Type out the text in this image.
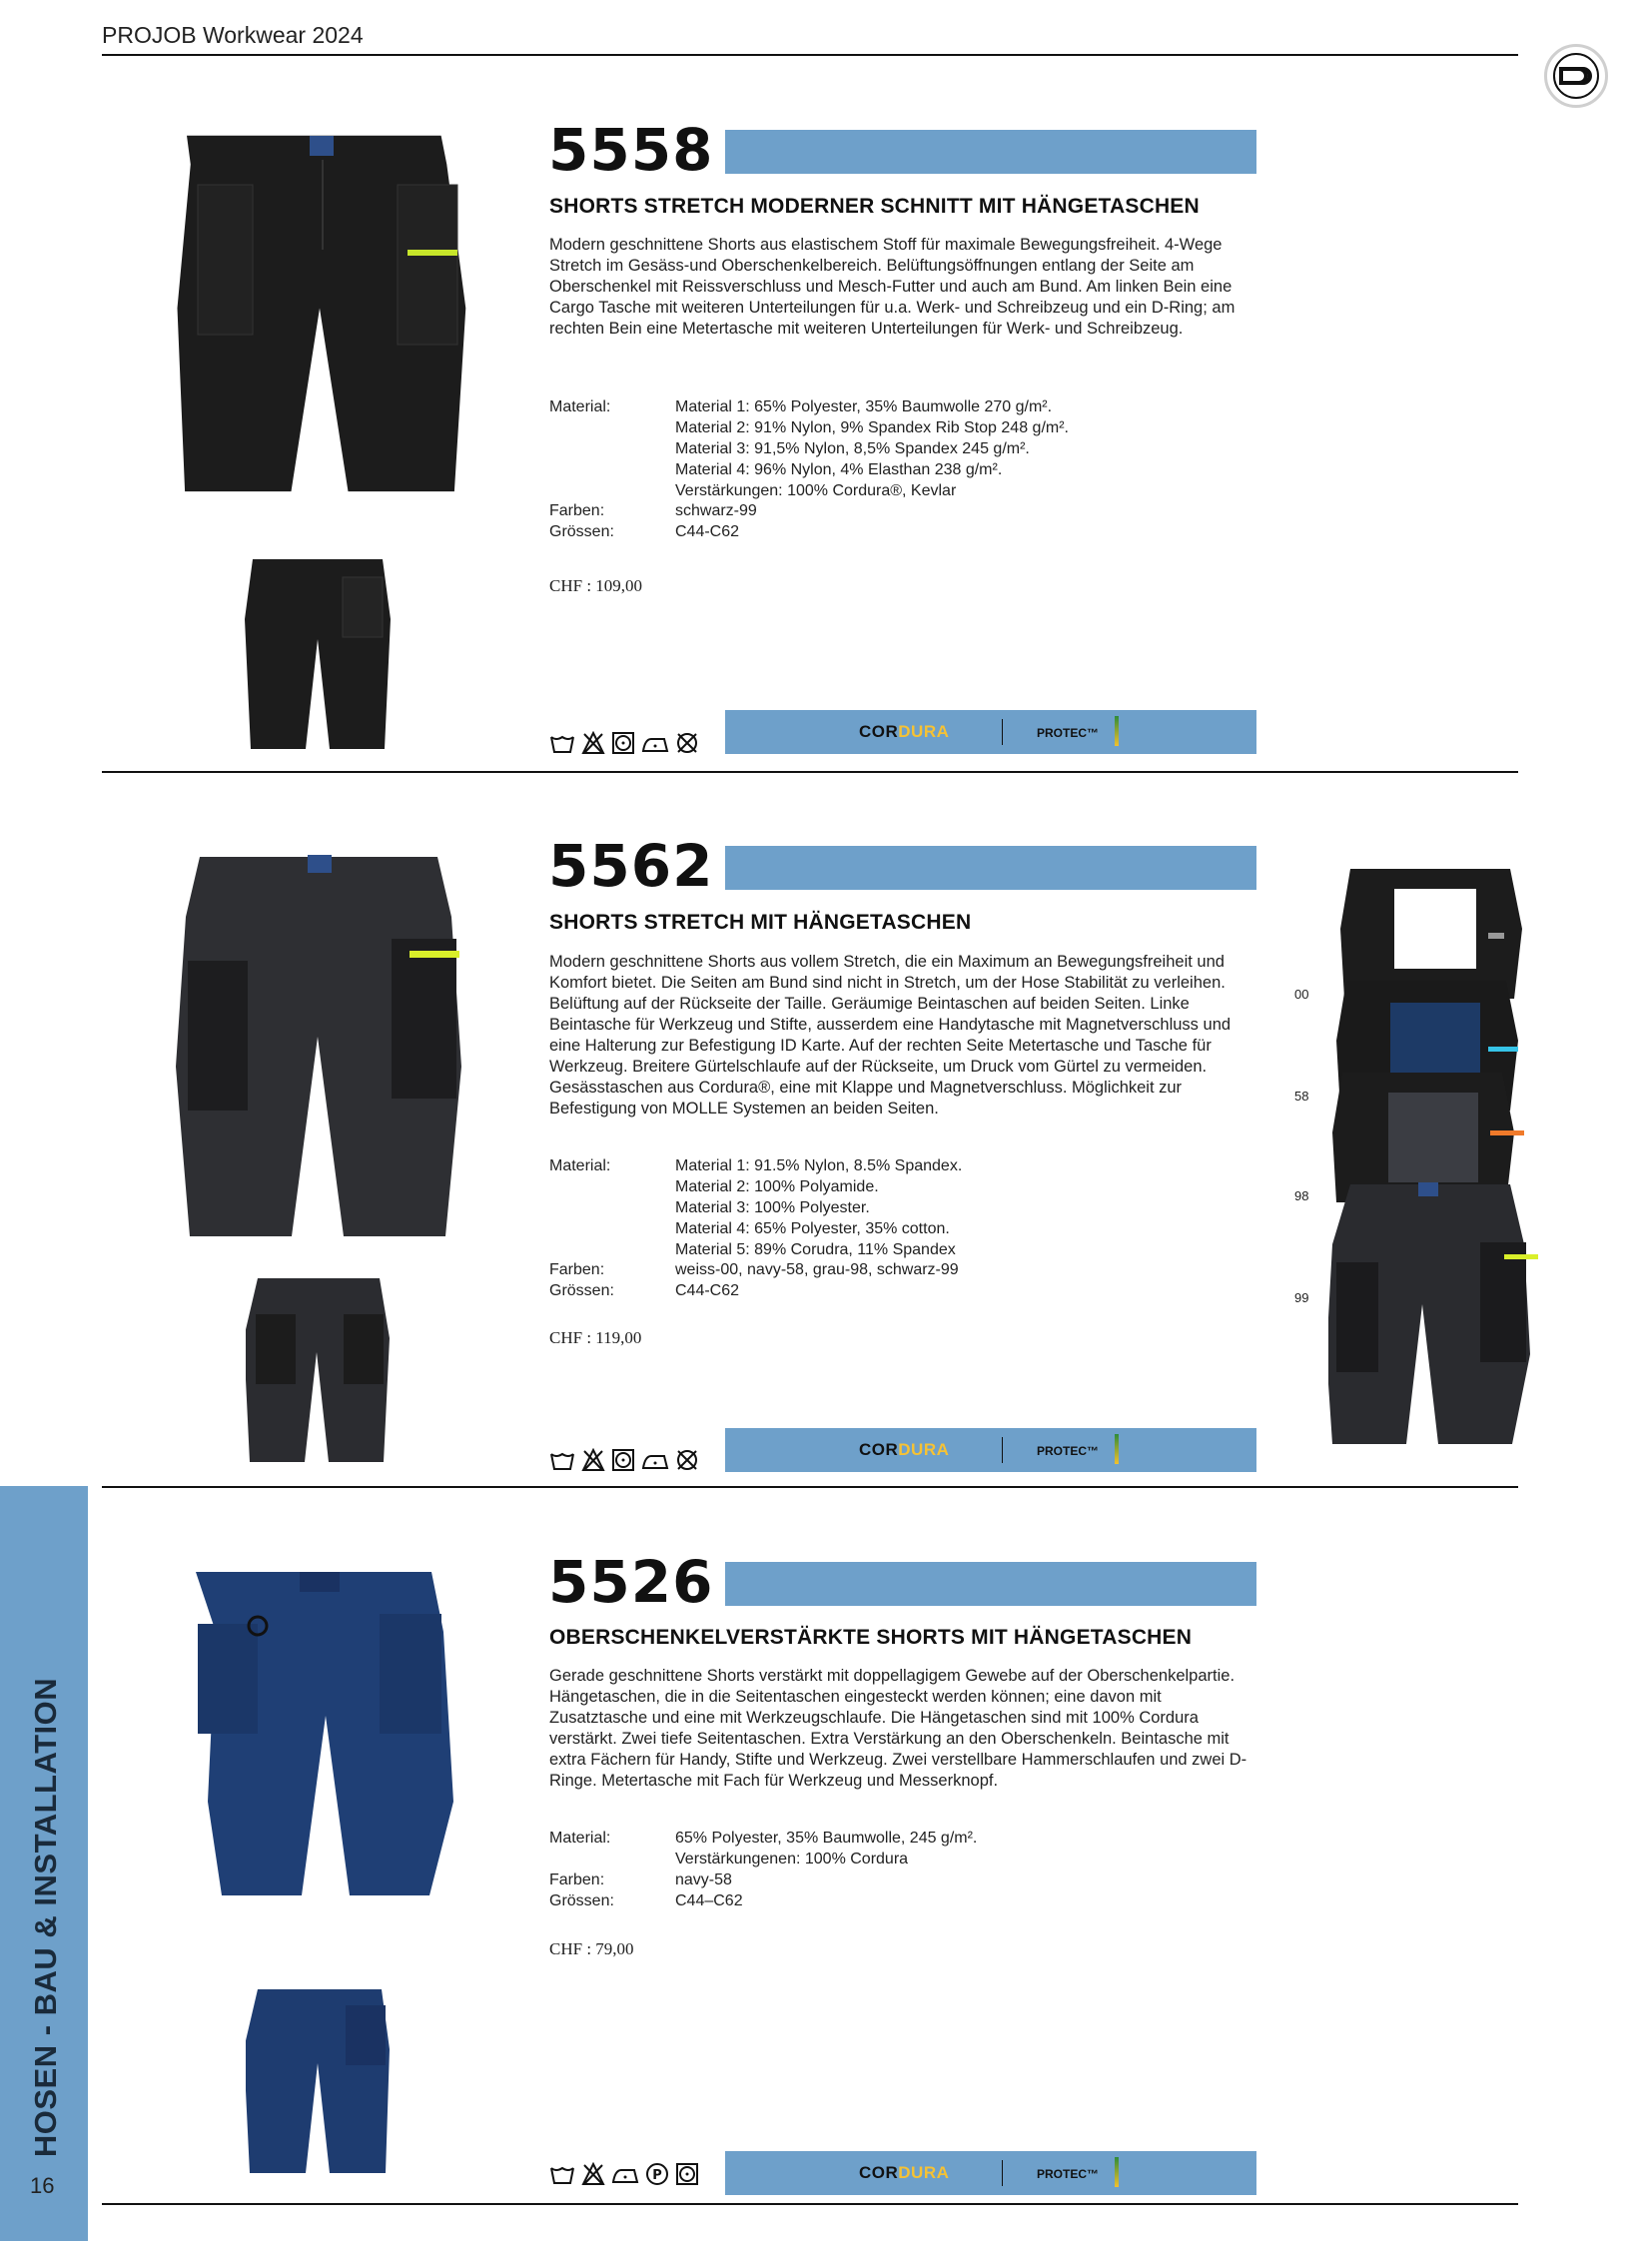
PROJOB Workwear 2024
HOSEN - BAU & INSTALLATION
16
5558
SHORTS STRETCH MODERNER SCHNITT MIT HÄNGETASCHEN
Modern geschnittene Shorts aus elastischem Stoff für maximale Bewegungsfreiheit. 4-Wege Stretch im Gesäss-und Oberschenkelbereich. Belüftungsöffnungen entlang der Seite am Oberschenkel mit Reissverschluss und Mesch-Futter und auch am Bund. Am linken Bein eine Cargo Tasche mit weiteren Unterteilungen für u.a. Werk- und Schreibzeug und ein D-Ring; am rechten Bein eine Metertasche mit weiteren Unterteilungen für Werk- und Schreibzeug.
Material:	Material 1: 65% Polyester, 35% Baumwolle 270 g/m².
Material 2: 91% Nylon, 9% Spandex Rib Stop 248 g/m².
Material 3: 91,5% Nylon, 8,5% Spandex 245 g/m².
Material 4: 96% Nylon, 4% Elasthan 238 g/m².
Verstärkungen: 100% Cordura®, Kevlar
Farben:	schwarz-99
Grössen:	C44-C62
CHF : 109,00
CORDURA	PROTEC™
5562
SHORTS STRETCH MIT HÄNGETASCHEN
Modern geschnittene Shorts aus vollem Stretch, die ein Maximum an Bewegungsfreiheit und Komfort bietet. Die Seiten am Bund sind nicht in Stretch, um der Hose Stabilität zu verleihen. Belüftung auf der Rückseite der Taille. Geräumige Beintaschen auf beiden Seiten. Linke Beintasche für Werkzeug und Stifte, ausserdem eine Handytasche mit Magnetverschluss und eine Halterung zur Befestigung ID Karte. Auf der rechten Seite Metertasche und Tasche für Werkzeug. Breitere Gürtelschlaufe auf der Rückseite, um Druck vom Gürtel zu vermeiden. Gesässtaschen aus Cordura®, eine mit Klappe und Magnetverschluss. Möglichkeit zur Befestigung von MOLLE Systemen an beiden Seiten.
Material:	Material 1: 91.5% Nylon, 8.5% Spandex.
Material 2: 100% Polyamide.
Material 3: 100% Polyester.
Material 4: 65% Polyester, 35% cotton.
Material 5: 89% Corudra, 11% Spandex
Farben:	weiss-00, navy-58, grau-98, schwarz-99
Grössen:	C44-C62
CHF : 119,00
CORDURA	PROTEC™
00
58
98
99
5526
OBERSCHENKELVERSTÄRKTE SHORTS MIT HÄNGETASCHEN
Gerade geschnittene Shorts verstärkt mit doppellagigem Gewebe auf der Oberschenkelpartie. Hängetaschen, die in die Seitentaschen eingesteckt werden können; eine davon mit Zusatztasche und eine mit Werkzeugschlaufe. Die Hängetaschen sind mit 100% Cordura verstärkt. Zwei tiefe Seitentaschen. Extra Verstärkung an den Oberschenkeln. Beintasche mit extra Fächern für Handy, Stifte und Werkzeug. Zwei verstellbare Hammerschlaufen und zwei D-Ringe. Metertasche mit Fach für Werkzeug und Messerknopf.
Material:	65% Polyester, 35% Baumwolle, 245 g/m².
Verstärkungenen: 100% Cordura
Farben:	navy-58
Grössen:	C44–C62
CHF : 79,00
P	CORDURA	PROTEC™
